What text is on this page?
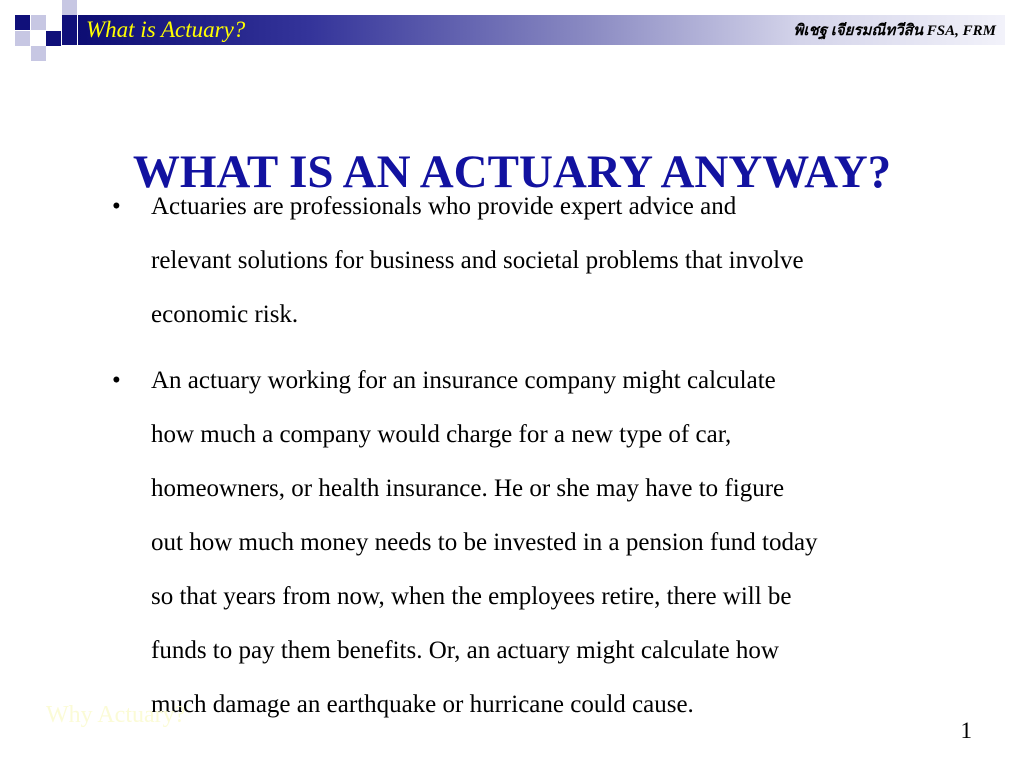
What is Actuary?	พิเชฐ เจียรมณีทวีสิน FSA, FRM
WHAT IS AN ACTUARY ANYWAY?
•	Actuaries are professionals who provide expert advice and
relevant solutions for business and societal problems that involve
economic risk.
•	An actuary working for an insurance company might calculate
how much a company would charge for a new type of car,
homeowners, or health insurance. He or she may have to figure
out how much money needs to be invested in a pension fund today
so that years from now, when the employees retire, there will be
funds to pay them benefits. Or, an actuary might calculate how
much damage an earthquake or hurricane could cause.
Why Actuary?
1
